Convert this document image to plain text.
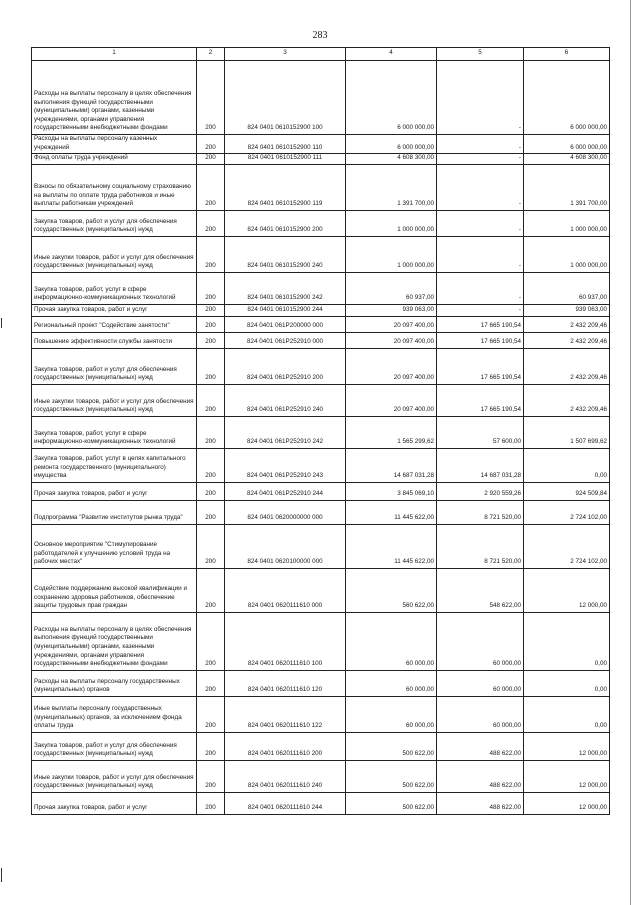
283
1	2	3	4	5	6
Расходы на выплаты персоналу в целях обеспечения выполнения функций государственными (муниципальными) органами, казенными учреждениями, органами управления государственными внебюджетными фондами	200	824 0401 0610152900 100	6 000 000,00	-	6 000 000,00
Расходы на выплаты персоналу казенных учреждений	200	824 0401 0610152900 110	6 000 000,00	-	6 000 000,00
Фонд оплаты труда учреждений	200	824 0401 0610152900 111	4 608 300,00	-	4 608 300,00
Взносы по обязательному социальному страхованию на выплаты по оплате труда работников и иные выплаты работникам учреждений	200	824 0401 0610152900 119	1 391 700,00	-	1 391 700,00
Закупка товаров, работ и услуг для обеспечения государственных (муниципальных) нужд	200	824 0401 0610152900 200	1 000 000,00	-	1 000 000,00
Иные закупки товаров, работ и услуг для обеспечения государственных (муниципальных) нужд	200	824 0401 0610152900 240	1 000 000,00	-	1 000 000,00
Закупка товаров, работ, услуг в сфере информационно-коммуникационных технологий	200	824 0401 0610152900 242	60 937,00	-	60 937,00
Прочая закупка товаров, работ и услуг	200	824 0401 0610152900 244	939 063,00	-	939 063,00
Региональный проект "Содействие занятости"	200	824 0401 061P200000 000	20 097 400,00	17 665 190,54	2 432 209,46
Повышение эффективности службы занятости	200	824 0401 061P252910 000	20 097 400,00	17 665 190,54	2 432 209,46
Закупка товаров, работ и услуг для обеспечения государственных (муниципальных) нужд	200	824 0401 061P252910 200	20 097 400,00	17 665 190,54	2 432 209,46
Иные закупки товаров, работ и услуг для обеспечения государственных (муниципальных) нужд	200	824 0401 061P252910 240	20 097 400,00	17 665 190,54	2 432 209,46
Закупка товаров, работ, услуг в сфере информационно-коммуникационных технологий	200	824 0401 061P252910 242	1 565 299,62	57 600,00	1 507 699,62
Закупка товаров, работ, услуг в целях капитального ремонта государственного (муниципального) имущества	200	824 0401 061P252910 243	14 687 031,28	14 687 031,28	0,00
Прочая закупка товаров, работ и услуг	200	824 0401 061P252910 244	3 845 069,10	2 920 559,26	924 509,84
Подпрограмма "Развитие институтов рынка труда"	200	824 0401 0620000000 000	11 445 622,00	8 721 520,00	2 724 102,00
Основное мероприятие "Стимулирование работодателей к улучшению условий труда на рабочих местах"	200	824 0401 0620100000 000	11 445 622,00	8 721 520,00	2 724 102,00
Содействие поддержанию высокой квалификации и сохранению здоровья работников, обеспечение защиты трудовых прав граждан	200	824 0401 0620111610 000	560 622,00	548 622,00	12 000,00
Расходы на выплаты персоналу в целях обеспечения выполнения функций государственными (муниципальными) органами, казенными учреждениями, органами управления государственными внебюджетными фондами	200	824 0401 0620111610 100	60 000,00	60 000,00	0,00
Расходы на выплаты персоналу государственных (муниципальных) органов	200	824 0401 0620111610 120	60 000,00	60 000,00	0,00
Иные выплаты персоналу государственных (муниципальных) органов, за исключением фонда оплаты труда	200	824 0401 0620111610 122	60 000,00	60 000,00	0,00
Закупка товаров, работ и услуг для обеспечения государственных (муниципальных) нужд	200	824 0401 0620111610 200	500 622,00	488 622,00	12 000,00
Иные закупки товаров, работ и услуг для обеспечения государственных (муниципальных) нужд	200	824 0401 0620111610 240	500 622,00	488 622,00	12 000,00
Прочая закупка товаров, работ и услуг	200	824 0401 0620111610 244	500 622,00	488 622,00	12 000,00
